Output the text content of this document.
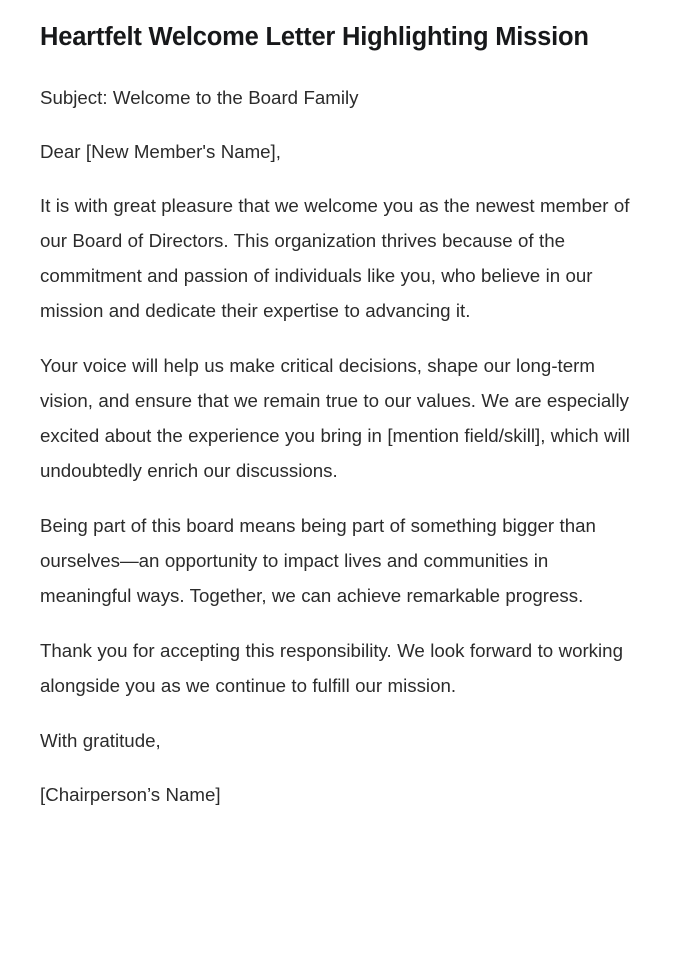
Heartfelt Welcome Letter Highlighting Mission

Subject: Welcome to the Board Family

Dear [New Member's Name],

It is with great pleasure that we welcome you as the newest member of our Board of Directors. This organization thrives because of the commitment and passion of individuals like you, who believe in our mission and dedicate their expertise to advancing it.

Your voice will help us make critical decisions, shape our long-term vision, and ensure that we remain true to our values. We are especially excited about the experience you bring in [mention field/skill], which will undoubtedly enrich our discussions.

Being part of this board means being part of something bigger than ourselves—an opportunity to impact lives and communities in meaningful ways. Together, we can achieve remarkable progress.

Thank you for accepting this responsibility. We look forward to working alongside you as we continue to fulfill our mission.

With gratitude,

[Chairperson’s Name]
